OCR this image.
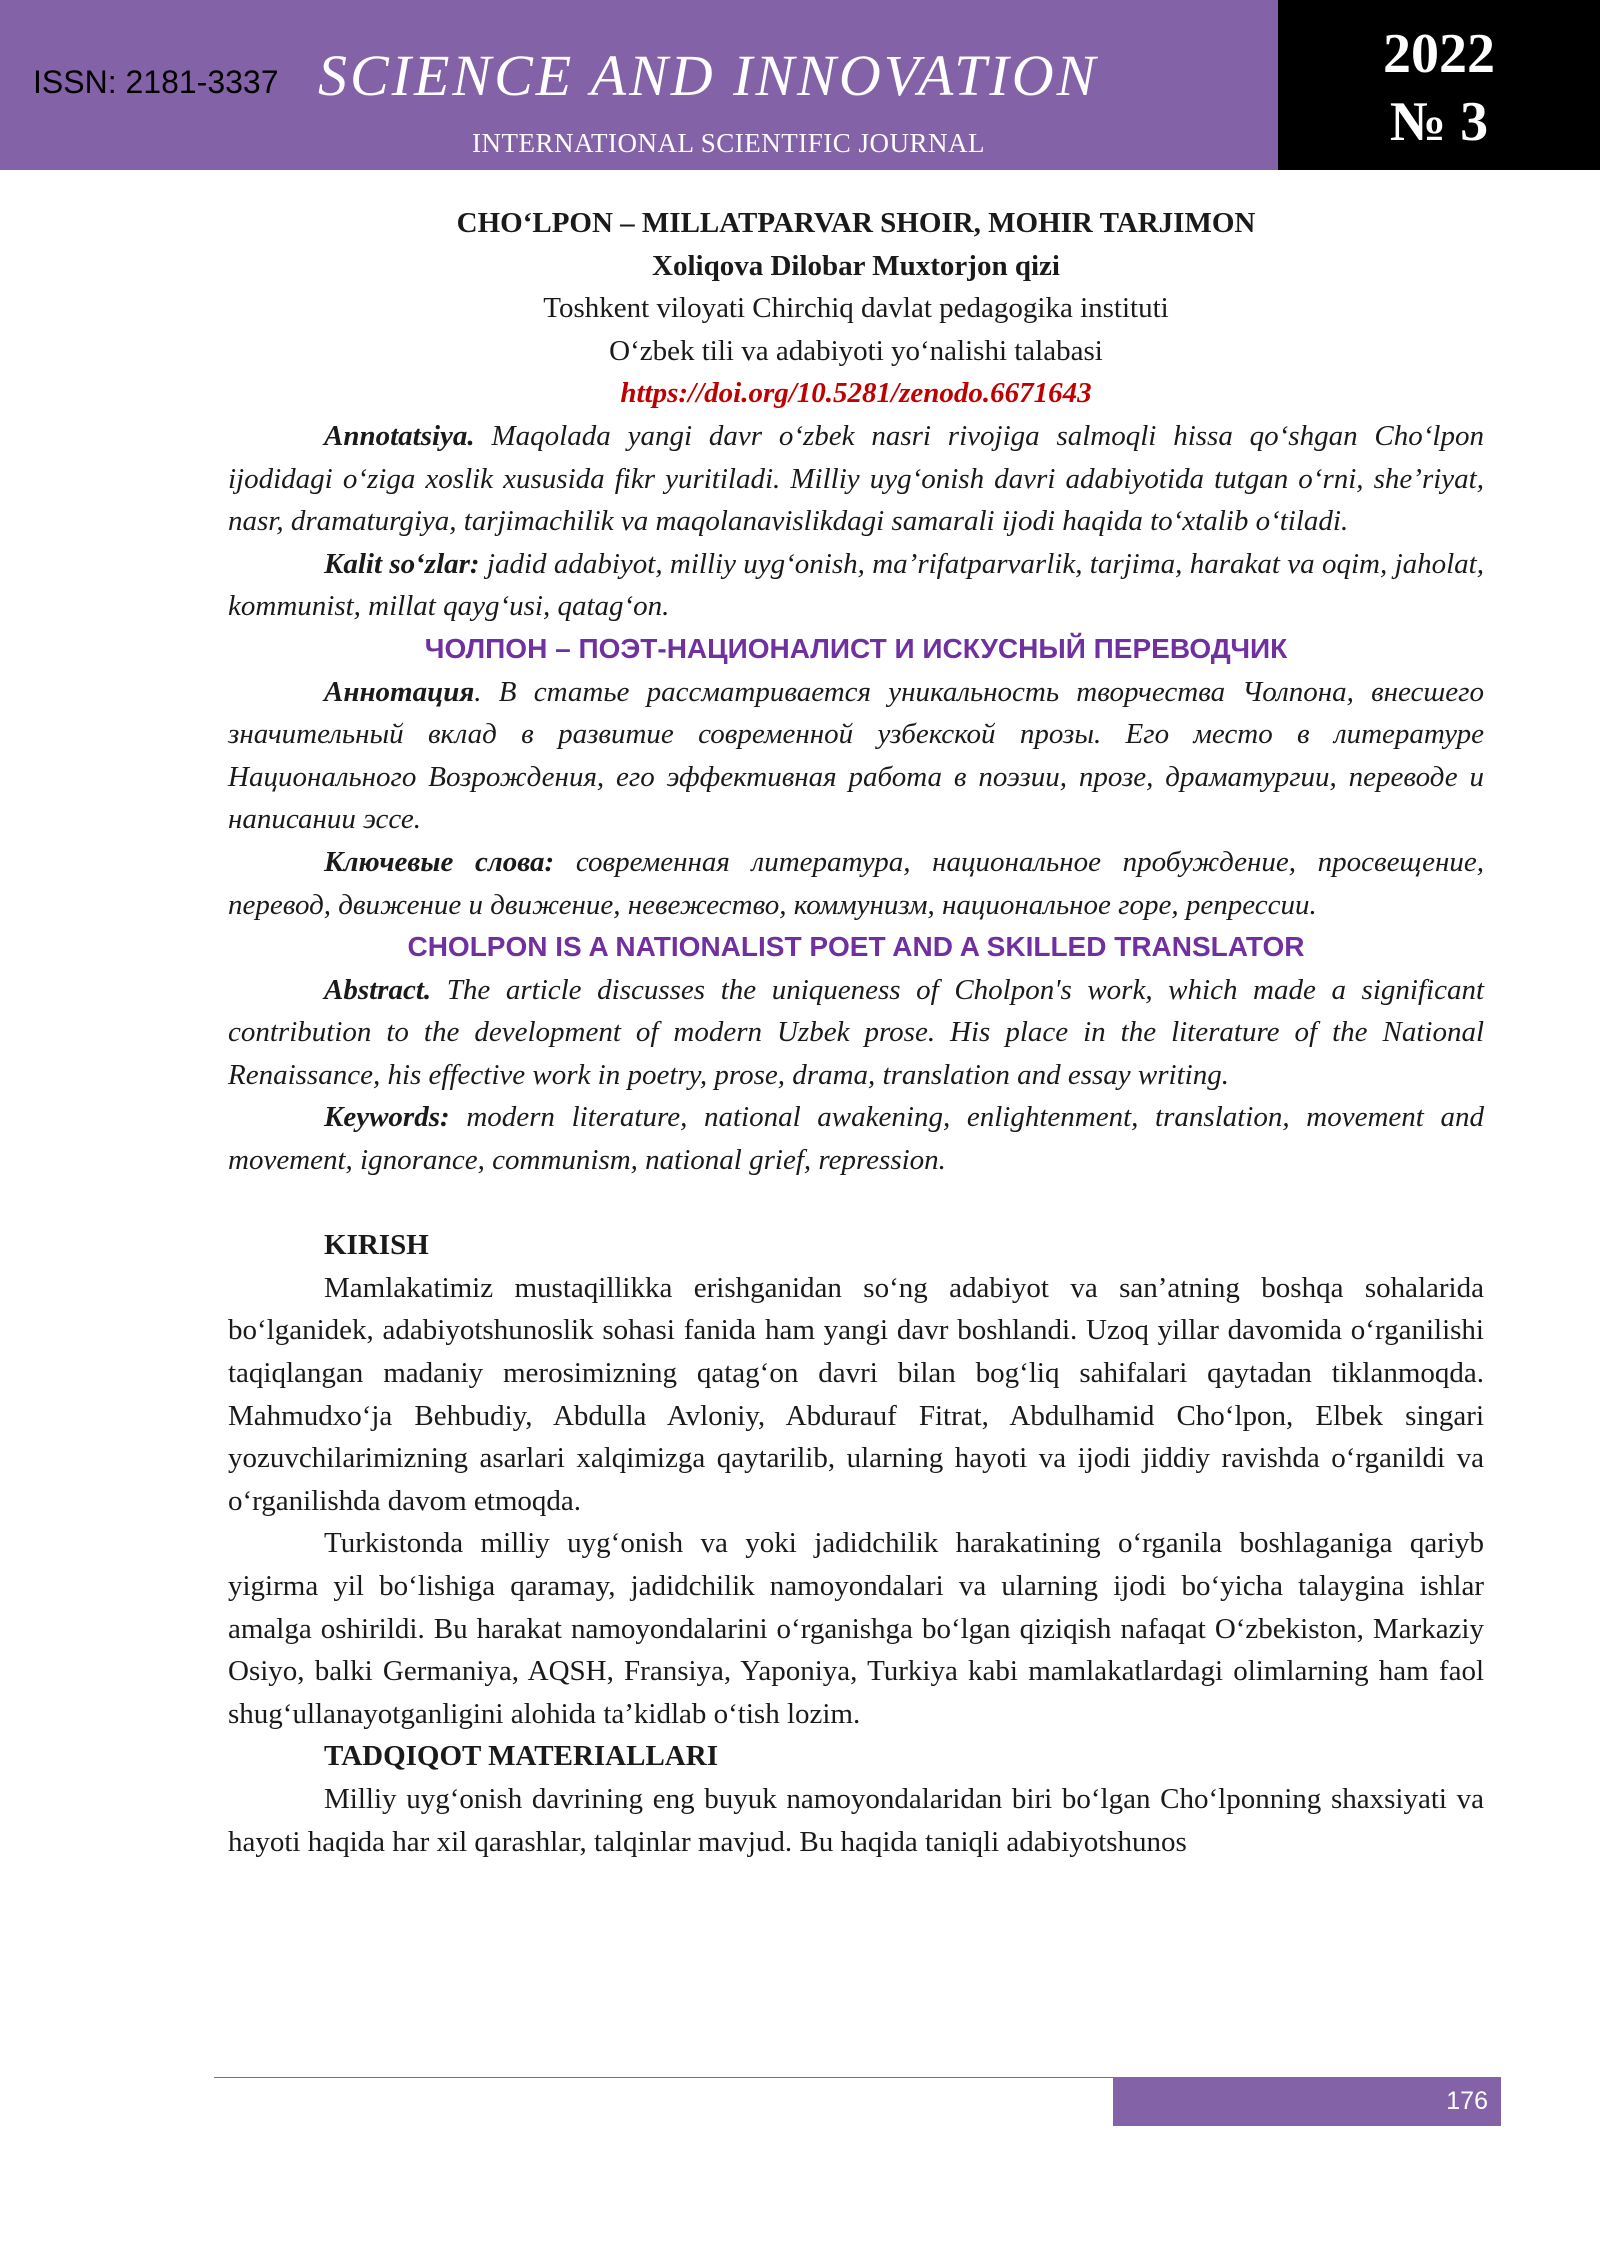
ISSN: 2181-3337 SCIENCE AND INNOVATION
INTERNATIONAL SCIENTIFIC JOURNAL
2022
№ 3

CHO‘LPON – MILLATPARVAR SHOIR, MOHIR TARJIMON

Xoliqova Dilobar Muxtorjon qizi

Toshkent viloyati Chirchiq davlat pedagogika instituti

O‘zbek tili va adabiyoti yo‘nalishi talabasi

https://doi.org/10.5281/zenodo.6671643

Annotatsiya. Maqolada yangi davr o‘zbek nasri rivojiga salmoqli hissa qo‘shgan Cho‘lpon ijodidagi o‘ziga xoslik xususida fikr yuritiladi. Milliy uyg‘onish davri adabiyotida tutgan o‘rni, she’riyat, nasr, dramaturgiya, tarjimachilik va maqolanavislikdagi samarali ijodi haqida to‘xtalib o‘tiladi.

Kalit so‘zlar: jadid adabiyot, milliy uyg‘onish, ma’rifatparvarlik, tarjima, harakat va oqim, jaholat, kommunist, millat qayg‘usi, qatag‘on.

ЧОЛПОН – ПОЭТ-НАЦИОНАЛИСТ И ИСКУСНЫЙ ПЕРЕВОДЧИК

Аннотация. В статье рассматривается уникальность творчества Чолпона, внесшего значительный вклад в развитие современной узбекской прозы. Его место в литературе Национального Возрождения, его эффективная работа в поэзии, прозе, драматургии, переводе и написании эссе.

Ключевые слова: современная литература, национальное пробуждение, просвещение, перевод, движение и движение, невежество, коммунизм, национальное горе, репрессии.

CHOLPON IS A NATIONALIST POET AND A SKILLED TRANSLATOR

Abstract. The article discusses the uniqueness of Cholpon's work, which made a significant contribution to the development of modern Uzbek prose. His place in the literature of the National Renaissance, his effective work in poetry, prose, drama, translation and essay writing.

Keywords: modern literature, national awakening, enlightenment, translation, movement and movement, ignorance, communism, national grief, repression.

KIRISH

Mamlakatimiz mustaqillikka erishganidan so‘ng adabiyot va san’atning boshqa sohalarida bo‘lganidek, adabiyotshunoslik sohasi fanida ham yangi davr boshlandi. Uzoq yillar davomida o‘rganilishi taqiqlangan madaniy merosimizning qatag‘on davri bilan bog‘liq sahifalari qaytadan tiklanmoqda. Mahmudxo‘ja Behbudiy, Abdulla Avloniy, Abdurauf Fitrat, Abdulhamid Cho‘lpon, Elbek singari yozuvchilarimizning asarlari xalqimizga qaytarilib, ularning hayoti va ijodi jiddiy ravishda o‘rganildi va o‘rganilishda davom etmoqda.

Turkistonda milliy uyg‘onish va yoki jadidchilik harakatining o‘rganila boshlaganiga qariyb yigirma yil bo‘lishiga qaramay, jadidchilik namoyondalari va ularning ijodi bo‘yicha talaygina ishlar amalga oshirildi. Bu harakat namoyondalarini o‘rganishga bo‘lgan qiziqish nafaqat O‘zbekiston, Markaziy Osiyo, balki Germaniya, AQSH, Fransiya, Yaponiya, Turkiya kabi mamlakatlardagi olimlarning ham faol shug‘ullanayotganligini alohida ta’kidlab o‘tish lozim.

TADQIQOT MATERIALLARI

Milliy uyg‘onish davrining eng buyuk namoyondalaridan biri bo‘lgan Cho‘lponning shaxsiyati va hayoti haqida har xil qarashlar, talqinlar mavjud. Bu haqida taniqli adabiyotshunos

176
